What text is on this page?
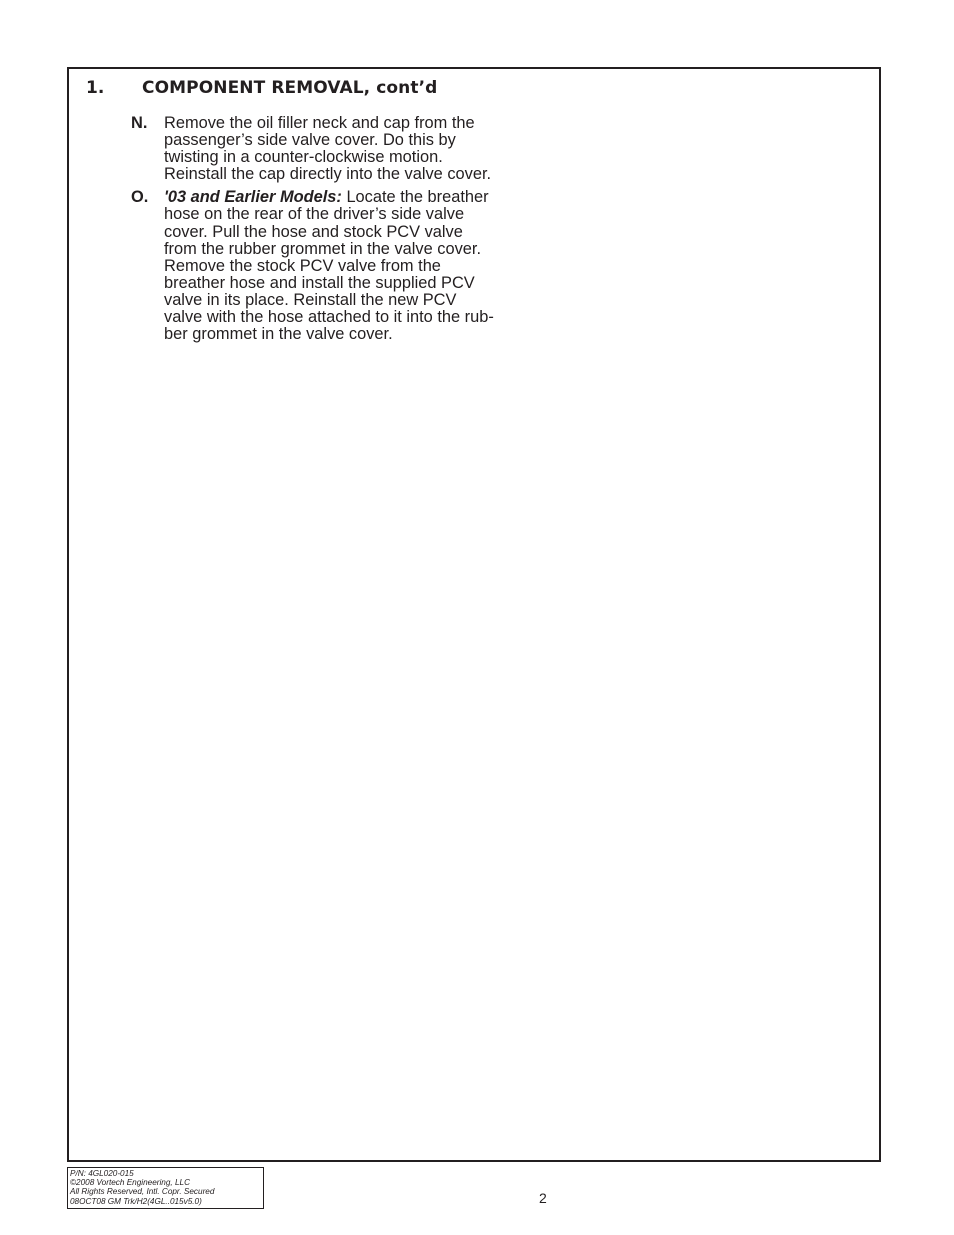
1. COMPONENT REMOVAL, cont’d
N. Remove the oil filler neck and cap from the
passenger’s side valve cover. Do this by
twisting in a counter-clockwise motion.
Reinstall the cap directly into the valve cover.
O. '03 and Earlier Models: Locate the breather
hose on the rear of the driver’s side valve
cover. Pull the hose and stock PCV valve
from the rubber grommet in the valve cover.
Remove the stock PCV valve from the
breather hose and install the supplied PCV
valve in its place. Reinstall the new PCV
valve with the hose attached to it into the rub-
ber grommet in the valve cover.
P/N: 4GL020-015
©2008 Vortech Engineering, LLC
All Rights Reserved, Intl. Copr. Secured
08OCT08 GM Trk/H2(4GL..015v5.0)	2
